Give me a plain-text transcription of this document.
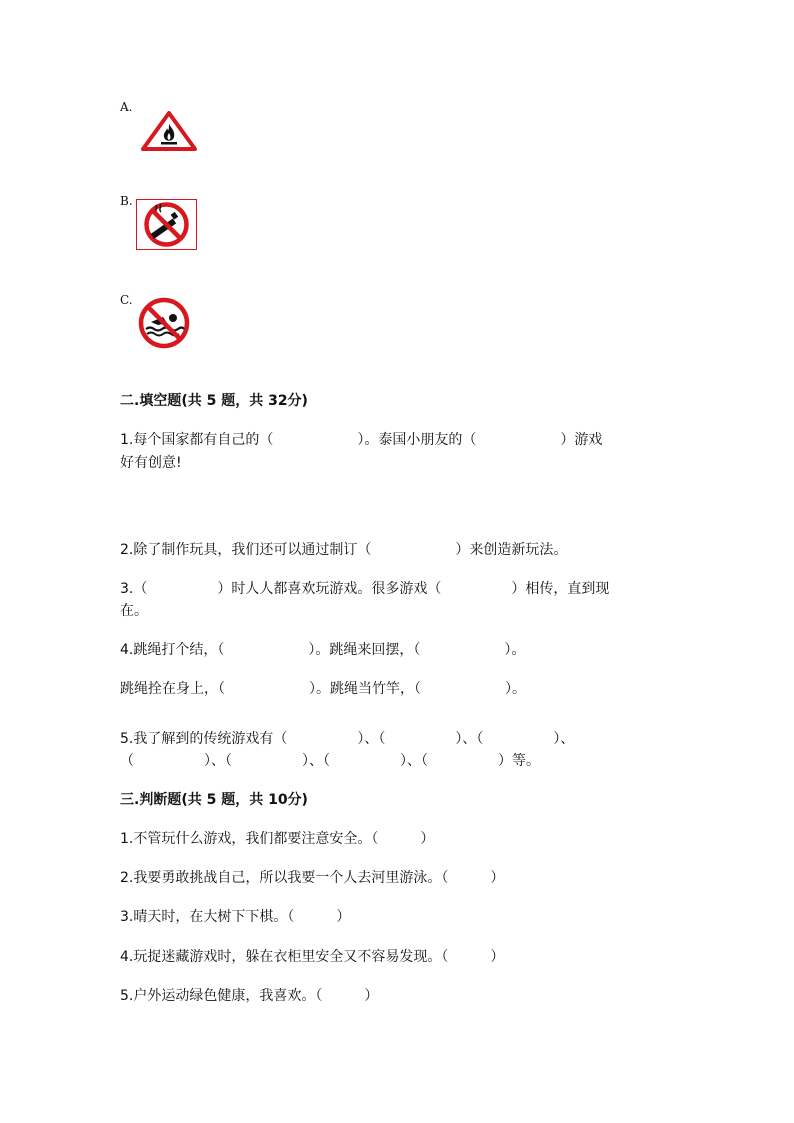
A.
B.
C.
二.填空题(共 5 题，共 32分)
1.每个国家都有自己的（　　　　　　）。泰国小朋友的（　　　　　　）游戏
好有创意!
2.除了制作玩具，我们还可以通过制订（　　　　　　）来创造新玩法。
3.（　　　　　）时人人都喜欢玩游戏。很多游戏（　　　　　）相传，直到现
在。
4.跳绳打个结，（　　　　　　）。跳绳来回摆，（　　　　　　）。
跳绳拴在身上，（　　　　　　）。跳绳当竹竿，（　　　　　　）。
5.我了解到的传统游戏有（　　　　　）、（　　　　　）、（　　　　　）、
（　　　　　）、（　　　　　）、（　　　　　）、（　　　　　）等。
三.判断题(共 5 题，共 10分)
1.不管玩什么游戏，我们都要注意安全。（　　　）
2.我要勇敢挑战自己，所以我要一个人去河里游泳。（　　　）
3.晴天时，在大树下下棋。（　　　）
4.玩捉迷藏游戏时，躲在衣柜里安全又不容易发现。（　　　）
5.户外运动绿色健康，我喜欢。（　　　）
